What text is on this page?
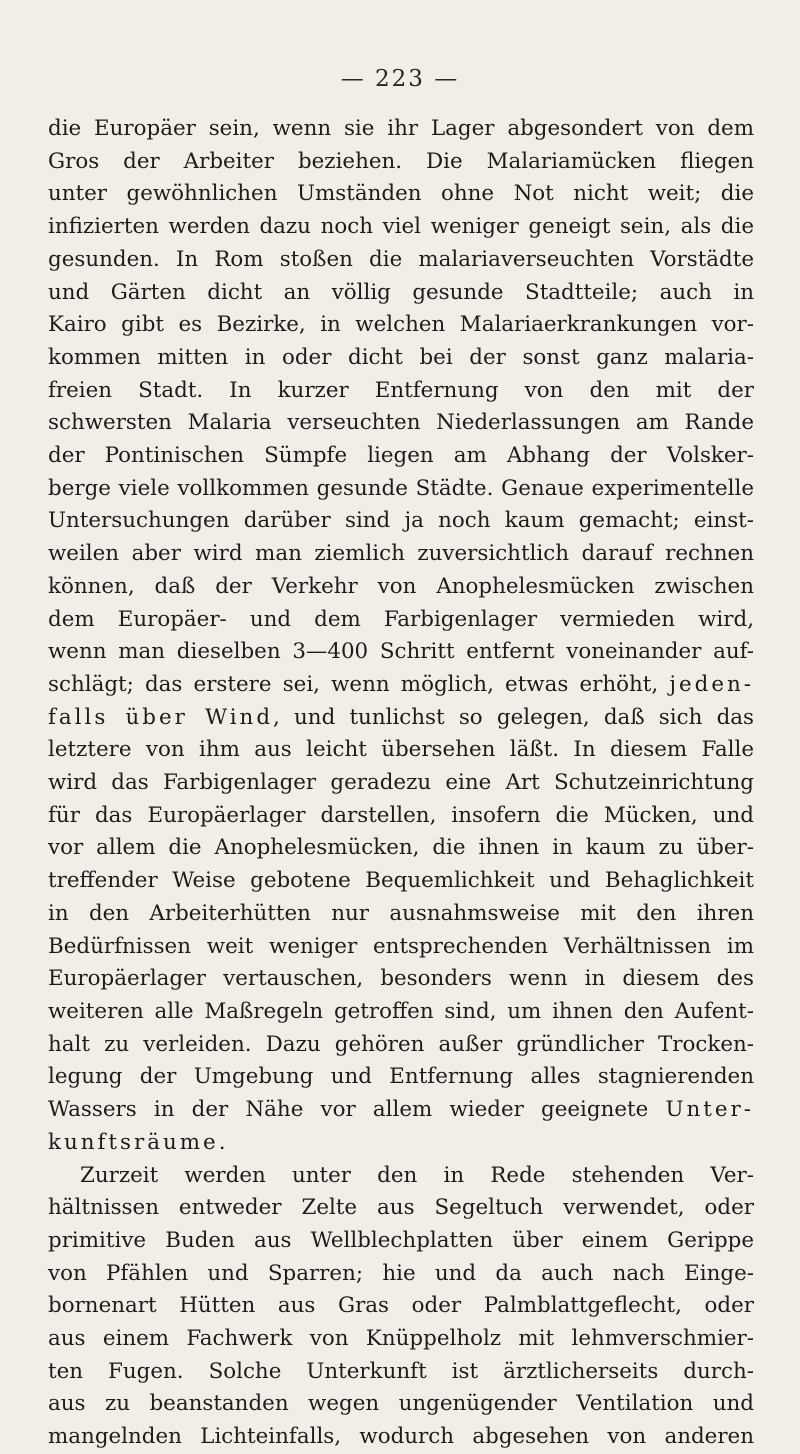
— 223 —
die Europäer sein, wenn sie ihr Lager abgesondert von dem
Gros der Arbeiter beziehen. Die Malariamücken fliegen
unter gewöhnlichen Umständen ohne Not nicht weit; die
infizierten werden dazu noch viel weniger geneigt sein, als die
gesunden. In Rom stoßen die malariaverseuchten Vorstädte
und Gärten dicht an völlig gesunde Stadtteile; auch in
Kairo gibt es Bezirke, in welchen Malariaerkrankungen vor-
kommen mitten in oder dicht bei der sonst ganz malaria-
freien Stadt. In kurzer Entfernung von den mit der
schwersten Malaria verseuchten Niederlassungen am Rande
der Pontinischen Sümpfe liegen am Abhang der Volsker-
berge viele vollkommen gesunde Städte. Genaue experimentelle
Untersuchungen darüber sind ja noch kaum gemacht; einst-
weilen aber wird man ziemlich zuversichtlich darauf rechnen
können, daß der Verkehr von Anophelesmücken zwischen
dem Europäer- und dem Farbigenlager vermieden wird,
wenn man dieselben 3—400 Schritt entfernt voneinander auf-
schlägt; das erstere sei, wenn möglich, etwas erhöht, jeden-
falls über Wind, und tunlichst so gelegen, daß sich das
letztere von ihm aus leicht übersehen läßt. In diesem Falle
wird das Farbigenlager geradezu eine Art Schutzeinrichtung
für das Europäerlager darstellen, insofern die Mücken, und
vor allem die Anophelesmücken, die ihnen in kaum zu über-
treffender Weise gebotene Bequemlichkeit und Behaglichkeit
in den Arbeiterhütten nur ausnahmsweise mit den ihren
Bedürfnissen weit weniger entsprechenden Verhältnissen im
Europäerlager vertauschen, besonders wenn in diesem des
weiteren alle Maßregeln getroffen sind, um ihnen den Aufent-
halt zu verleiden. Dazu gehören außer gründlicher Trocken-
legung der Umgebung und Entfernung alles stagnierenden
Wassers in der Nähe vor allem wieder geeignete Unter-
kunftsräume.
Zurzeit werden unter den in Rede stehenden Ver-
hältnissen entweder Zelte aus Segeltuch verwendet, oder
primitive Buden aus Wellblechplatten über einem Gerippe
von Pfählen und Sparren; hie und da auch nach Einge-
bornenart Hütten aus Gras oder Palmblattgeflecht, oder
aus einem Fachwerk von Knüppelholz mit lehmverschmier-
ten Fugen. Solche Unterkunft ist ärztlicherseits durch-
aus zu beanstanden wegen ungenügender Ventilation und
mangelnden Lichteinfalls, wodurch abgesehen von anderen
